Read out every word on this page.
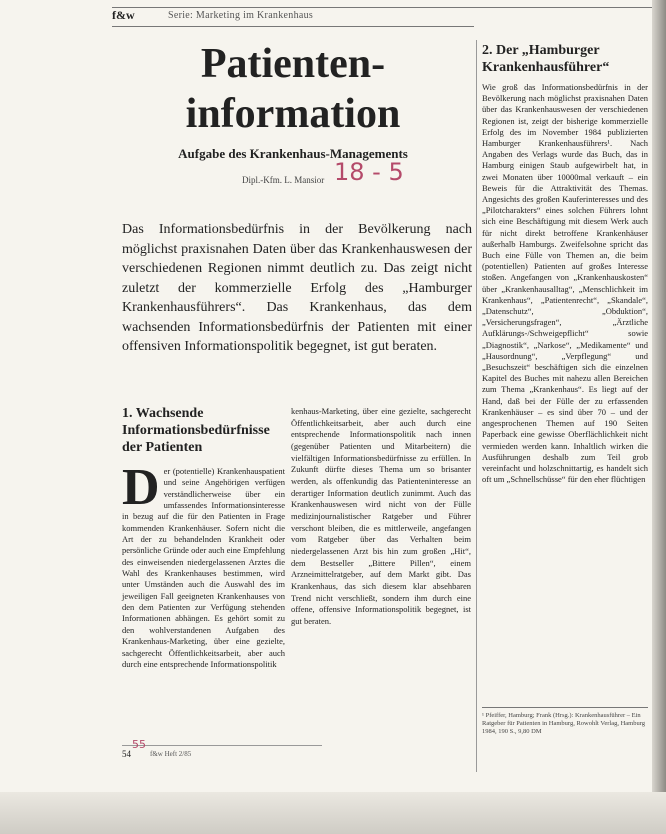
f&w	Serie: Marketing im Krankenhaus
Patienten-
information
Aufgabe des Krankenhaus-Managements
Dipl.-Kfm. L. Mansior 18 - 5

Das Informationsbedürfnis in der Bevölkerung nach möglichst praxisnahen Daten über das Krankenhauswesen der verschiedenen Regionen nimmt deutlich zu. Das zeigt nicht zuletzt der kommerzielle Erfolg des „Hamburger Krankenhausführers“. Das Krankenhaus, das dem wachsenden Informationsbedürfnis der Patienten mit einer offensiven Informationspolitik begegnet, ist gut beraten.

1. Wachsende Informationsbedürfnisse der Patienten
D er (potentielle) Krankenhauspatient und seine Angehörigen verfügen verständlicherweise über ein umfassendes Informationsinteresse in bezug auf die für den Patienten in Frage kommenden Krankenhäuser. Sofern nicht die Art der zu behandelnden Krankheit oder persönliche Gründe oder auch eine Empfehlung des einweisenden niedergelassenen Arztes die Wahl des Krankenhauses bestimmen, wird unter Umständen auch die Auswahl des im jeweiligen Fall geeigneten Krankenhauses von den dem Patienten zur Verfügung stehenden Informationen abhängen. Es gehört somit zu den wohlverstandenen Aufgaben des Krankenhaus-Marketing, über eine gezielte, sachgerecht Öffentlichkeitsarbeit, aber auch durch eine entsprechende Informationspolitik

kenhaus-Marketing, über eine gezielte, sachgerecht Öffentlichkeitsarbeit, aber auch durch eine entsprechende Informationspolitik nach innen (gegenüber Patienten und Mitarbeitern) die vielfältigen Informationsbedürfnisse zu erfüllen. In Zukunft dürfte dieses Thema um so brisanter werden, als offenkundig das Patienteninteresse an derartiger Information deutlich zunimmt. Auch das Krankenhauswesen wird nicht von der Fülle medizinjournalistischer Ratgeber und Führer verschont bleiben, die es mittlerweile, angefangen vom Ratgeber über das Verhalten beim niedergelassenen Arzt bis hin zum großen „Hit“, dem Bestseller „Bittere Pillen“, einem Arzneimittelratgeber, auf dem Markt gibt. Das Krankenhaus, das sich diesem klar absehbaren Trend nicht verschließt, sondern ihm durch eine offene, offensive Informationspolitik begegnet, ist gut beraten.

2. Der „Hamburger Krankenhausführer“

Wie groß das Informationsbedürfnis in der Bevölkerung nach möglichst praxisnahen Daten über das Krankenhauswesen der verschiedenen Regionen ist, zeigt der bisherige kommerzielle Erfolg des im November 1984 publizierten Hamburger Krankenhausführers¹. Nach Angaben des Verlags wurde das Buch, das in Hamburg einigen Staub aufgewirbelt hat, in zwei Monaten über 10000mal verkauft – ein Beweis für die Attraktivität des Themas. Angesichts des großen Kauferinteresses und des „Pilotcharakters“ eines solchen Führers lohnt sich eine Beschäftigung mit diesem Werk auch für nicht direkt betroffene Krankenhäuser außerhalb Hamburgs. Zweifelsohne spricht das Buch eine Fülle von Themen an, die beim (potentiellen) Patienten auf großes Interesse stoßen. Angefangen von „Krankenhauskosten“ über „Krankenhausalltag“, „Menschlichkeit im Krankenhaus“, „Patientenrecht“, „Skandale“, „Datenschutz“, „Obduktion“, „Versicherungsfragen“, „Ärztliche Aufklärungs-/Schweigepflicht“ sowie „Diagnostik“, „Narkose“, „Medikamente“ und „Hausordnung“, „Verpflegung“ und „Besuchszeit“ beschäftigen sich die einzelnen Kapitel des Buches mit nahezu allen Bereichen zum Thema „Krankenhaus“. Es liegt auf der Hand, daß bei der Fülle der zu erfassenden Krankenhäuser – es sind über 70 – und der angesprochenen Themen auf 190 Seiten Paperback eine gewisse Oberflächlichkeit nicht vermieden werden kann. Inhaltlich wirken die Ausführungen deshalb zum Teil grob vereinfacht und holzschnittartig, es handelt sich oft um „Schnellschüsse“ für den eher flüchtigen

¹ Pfeiffer, Hamburg; Frank (Hrsg.): Krankenhausführer – Ein Ratgeber für Patienten in Hamburg, Rowohlt Verlag, Hamburg 1984, 190 S., 9,80 DM

54
55
f&w Heft 2/85
